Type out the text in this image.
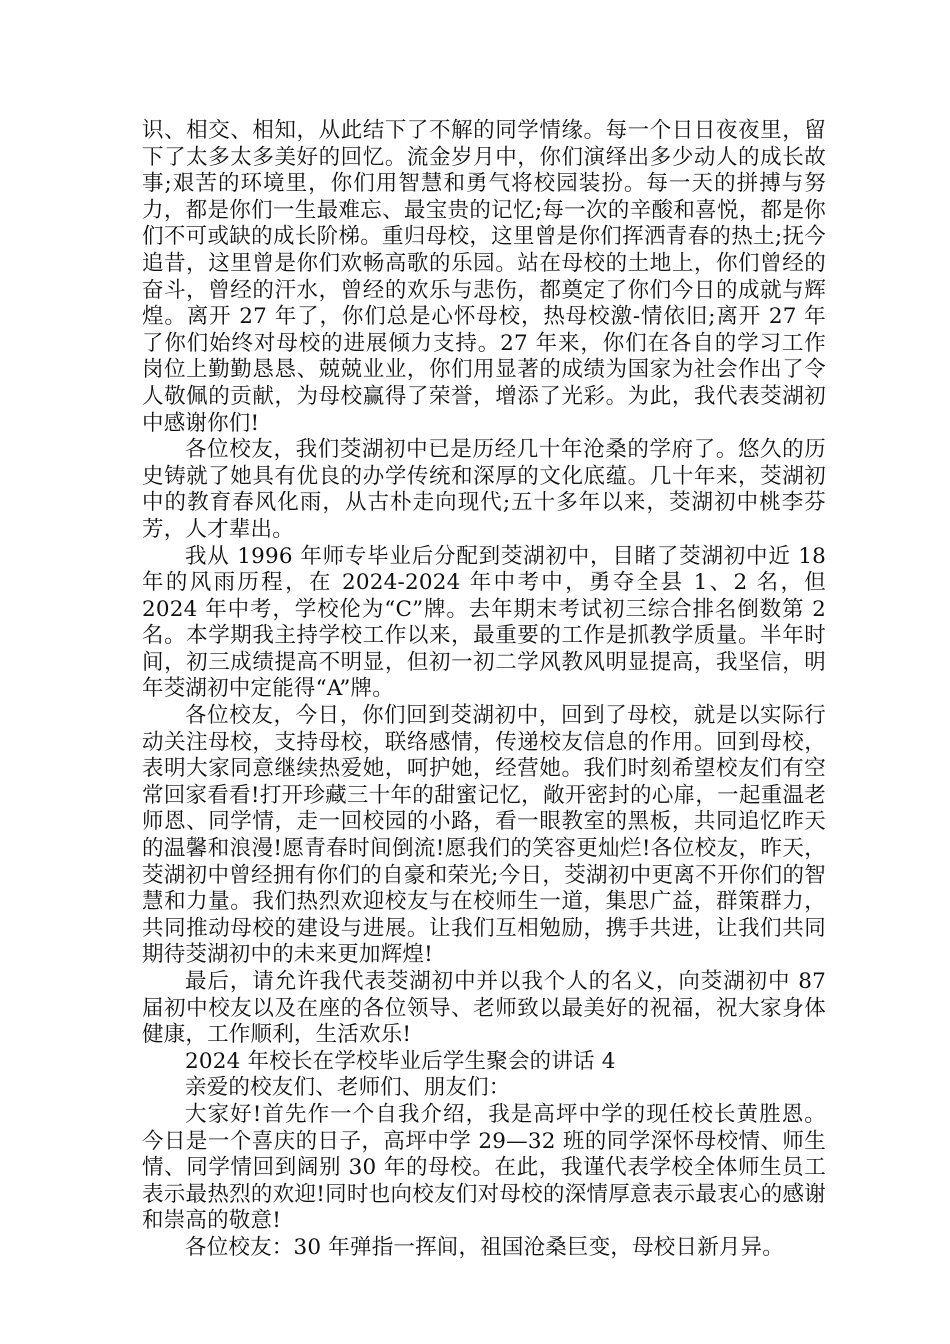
识、相交、相知，从此结下了不解的同学情缘。每一个日日夜夜里，留下了太多太多美好的回忆。流金岁月中，你们演绎出多少动人的成长故事;艰苦的环境里，你们用智慧和勇气将校园装扮。每一天的拼搏与努力，都是你们一生最难忘、最宝贵的记忆;每一次的辛酸和喜悦，都是你们不可或缺的成长阶梯。重归母校，这里曾是你们挥洒青春的热土;抚今追昔，这里曾是你们欢畅高歌的乐园。站在母校的土地上，你们曾经的奋斗，曾经的汗水，曾经的欢乐与悲伤，都奠定了你们今日的成就与辉煌。离开 27 年了，你们总是心怀母校，热母校激-情依旧;离开 27 年了你们始终对母校的进展倾力支持。27 年来，你们在各自的学习工作岗位上勤勤恳恳、兢兢业业，你们用显著的成绩为国家为社会作出了令人敬佩的贡献，为母校赢得了荣誉，增添了光彩。为此，我代表茭湖初中感谢你们!

各位校友，我们茭湖初中已是历经几十年沧桑的学府了。悠久的历史铸就了她具有优良的办学传统和深厚的文化底蕴。几十年来，茭湖初中的教育春风化雨，从古朴走向现代;五十多年以来，茭湖初中桃李芬芳，人才辈出。

我从 1996 年师专毕业后分配到茭湖初中，目睹了茭湖初中近 18 年的风雨历程，在 2024-2024 年中考中，勇夺全县 1、2 名，但 2024 年中考，学校伦为“C”牌。去年期末考试初三综合排名倒数第 2 名。本学期我主持学校工作以来，最重要的工作是抓教学质量。半年时间，初三成绩提高不明显，但初一初二学风教风明显提高，我坚信，明年茭湖初中定能得“A”牌。

各位校友，今日，你们回到茭湖初中，回到了母校，就是以实际行动关注母校，支持母校，联络感情，传递校友信息的作用。回到母校，表明大家同意继续热爱她，呵护她，经营她。我们时刻希望校友们有空常回家看看!打开珍藏三十年的甜蜜记忆，敞开密封的心扉，一起重温老师恩、同学情，走一回校园的小路，看一眼教室的黑板，共同追忆昨天的温馨和浪漫!愿青春时间倒流!愿我们的笑容更灿烂!各位校友，昨天，茭湖初中曾经拥有你们的自豪和荣光;今日，茭湖初中更离不开你们的智慧和力量。我们热烈欢迎校友与在校师生一道，集思广益，群策群力，共同推动母校的建设与进展。让我们互相勉励，携手共进，让我们共同期待茭湖初中的未来更加辉煌!

最后，请允许我代表茭湖初中并以我个人的名义，向茭湖初中 87 届初中校友以及在座的各位领导、老师致以最美好的祝福，祝大家身体健康，工作顺利，生活欢乐!

2024 年校长在学校毕业后学生聚会的讲话 4

亲爱的校友们、老师们、朋友们：

大家好!首先作一个自我介绍，我是高坪中学的现任校长黄胜恩。 今日是一个喜庆的日子，高坪中学 29—32 班的同学深怀母校情、师生情、同学情回到阔别 30 年的母校。在此，我谨代表学校全体师生员工表示最热烈的欢迎!同时也向校友们对母校的深情厚意表示最衷心的感谢和崇高的敬意!

各位校友：30 年弹指一挥间，祖国沧桑巨变，母校日新月异。
